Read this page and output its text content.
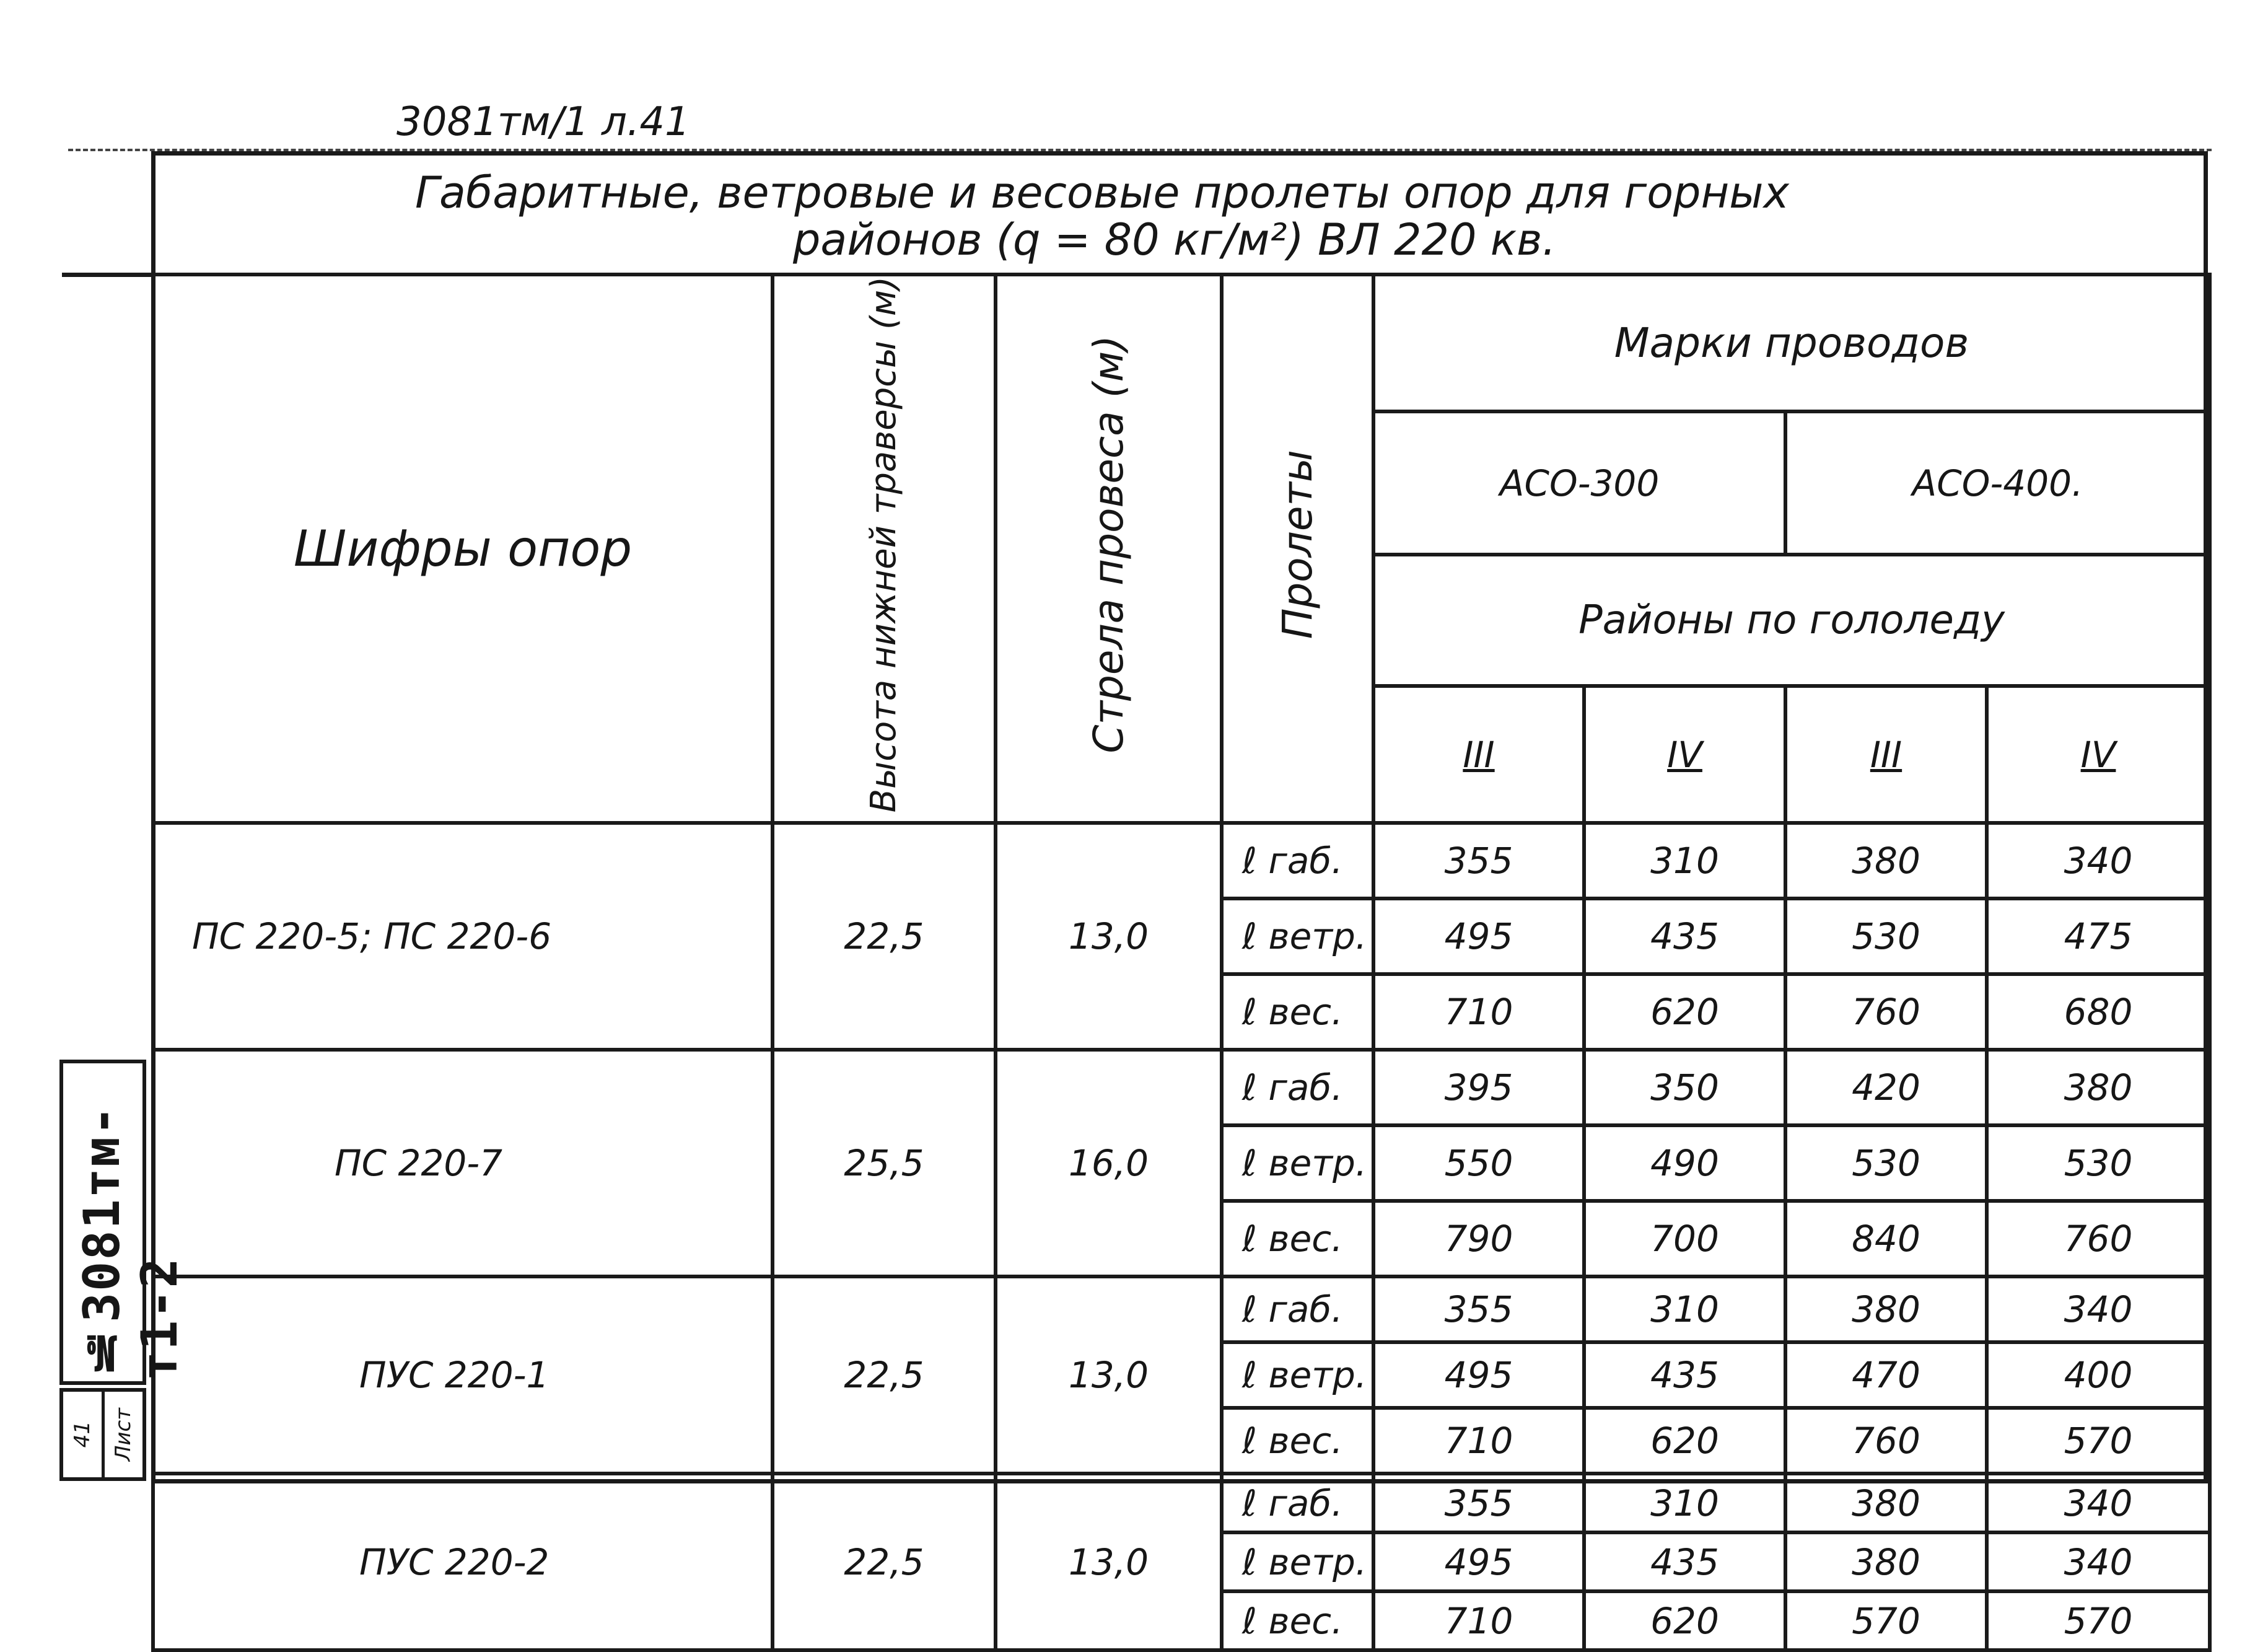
3081тм/1 л.41
Габаритные, ветровые и весовые пролеты опор для горных
районов (q = 80 кг/м²) ВЛ 220 кв.
Шифры опор	Высота нижней траверсы (м)	Стрела провеса (м)	Пролеты	Марки проводов			
				АСО-300		АСО-400.	
				Районы по гололеду			
				III	IV	III	IV
ПС 220-5; ПС 220-6	22,5	13,0	ℓ габ.	355	310	380	340
			ℓ ветр.	495	435	530	475
			ℓ вес.	710	620	760	680
ПС 220-7	25,5	16,0	ℓ габ.	395	350	420	380
			ℓ ветр.	550	490	530	530
			ℓ вес.	790	700	840	760
ПУС 220-1	22,5	13,0	ℓ габ.	355	310	380	340
			ℓ ветр.	495	435	470	400
			ℓ вес.	710	620	760	570
ПУС 220-2	22,5	13,0	ℓ габ.	355	310	380	340
			ℓ ветр.	495	435	380	340
			ℓ вес.	710	620	570	570
№3081тм-т1-2
41 Лист
